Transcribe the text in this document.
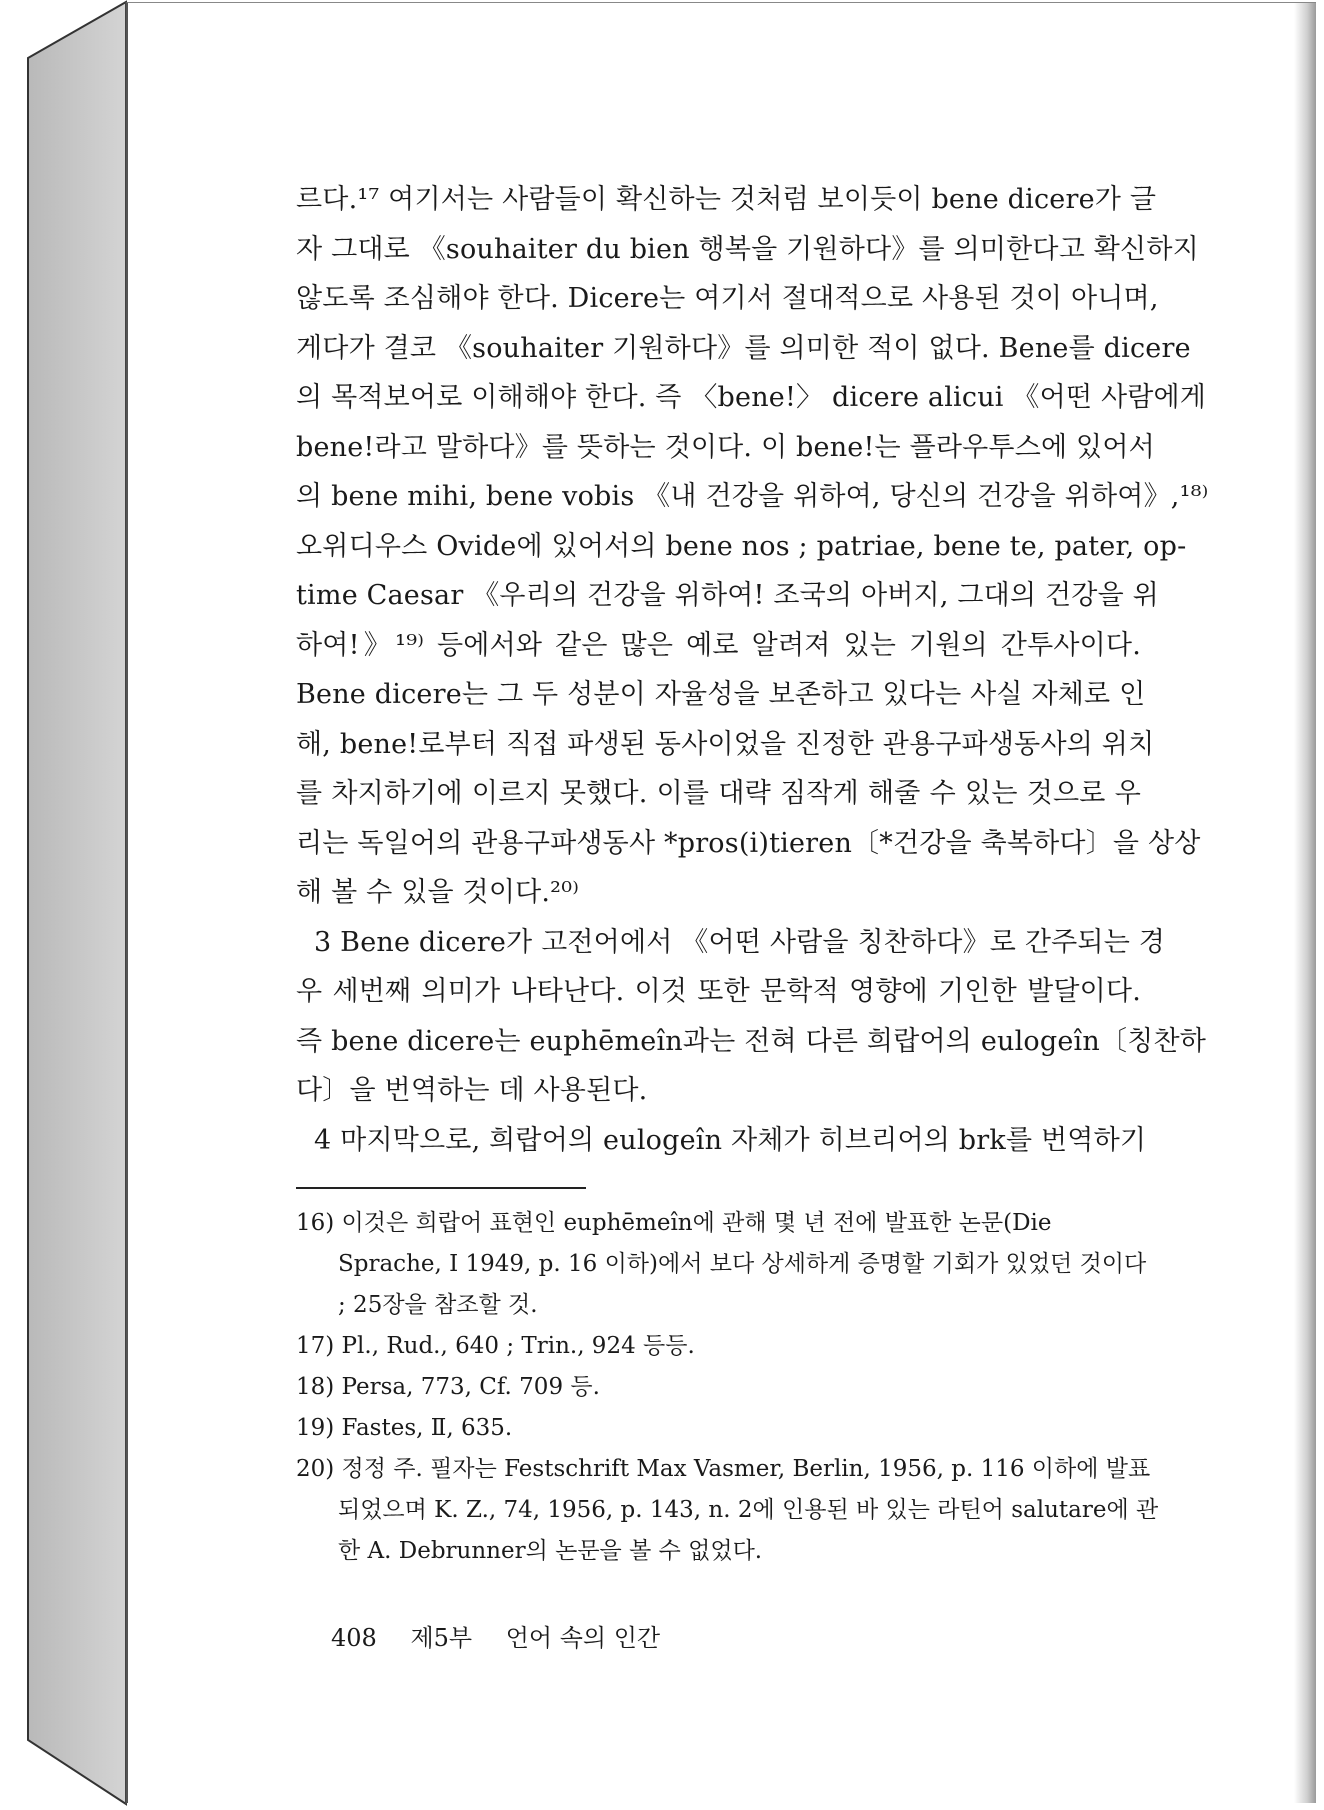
르다.¹⁷ 여기서는 사람들이 확신하는 것처럼 보이듯이 bene dicere가 글
자 그대로 《souhaiter du bien 행복을 기원하다》를 의미한다고 확신하지
않도록 조심해야 한다. Dicere는 여기서 절대적으로 사용된 것이 아니며,
게다가 결코 《souhaiter 기원하다》를 의미한 적이 없다. Bene를 dicere
의 목적보어로 이해해야 한다. 즉 〈bene!〉 dicere alicui 《어떤 사람에게
bene!라고 말하다》를 뜻하는 것이다. 이 bene!는 플라우투스에 있어서
의 bene mihi, bene vobis 《내 건강을 위하여, 당신의 건강을 위하여》,¹⁸⁾
오위디우스 Ovide에 있어서의 bene nos ; patriae, bene te, pater, op-
time Caesar 《우리의 건강을 위하여! 조국의 아버지, 그대의 건강을 위
하여!》¹⁹⁾ 등에서와 같은 많은 예로 알려져 있는 기원의 간투사이다.
Bene dicere는 그 두 성분이 자율성을 보존하고 있다는 사실 자체로 인
해, bene!로부터 직접 파생된 동사이었을 진정한 관용구파생동사의 위치
를 차지하기에 이르지 못했다. 이를 대략 짐작게 해줄 수 있는 것으로 우
리는 독일어의 관용구파생동사 *pros(i)tieren〔*건강을 축복하다〕을 상상
해 볼 수 있을 것이다.²⁰⁾
3 Bene dicere가 고전어에서 《어떤 사람을 칭찬하다》로 간주되는 경
우 세번째 의미가 나타난다. 이것 또한 문학적 영향에 기인한 발달이다.
즉 bene dicere는 euphēmeîn과는 전혀 다른 희랍어의 eulogeîn〔칭찬하
다〕을 번역하는 데 사용된다.
4 마지막으로, 희랍어의 eulogeîn 자체가 히브리어의 brk를 번역하기
16) 이것은 희랍어 표현인 euphēmeîn에 관해 몇 년 전에 발표한 논문(Die
Sprache, I 1949, p. 16 이하)에서 보다 상세하게 증명할 기회가 있었던 것이다
; 25장을 참조할 것.
17) Pl., Rud., 640 ; Trin., 924 등등.
18) Persa, 773, Cf. 709 등.
19) Fastes, Ⅱ, 635.
20) 정정 주. 필자는 Festschrift Max Vasmer, Berlin, 1956, p. 116 이하에 발표
되었으며 K. Z., 74, 1956, p. 143, n. 2에 인용된 바 있는 라틴어 salutare에 관
한 A. Debrunner의 논문을 볼 수 없었다.
408 제5부 언어 속의 인간
